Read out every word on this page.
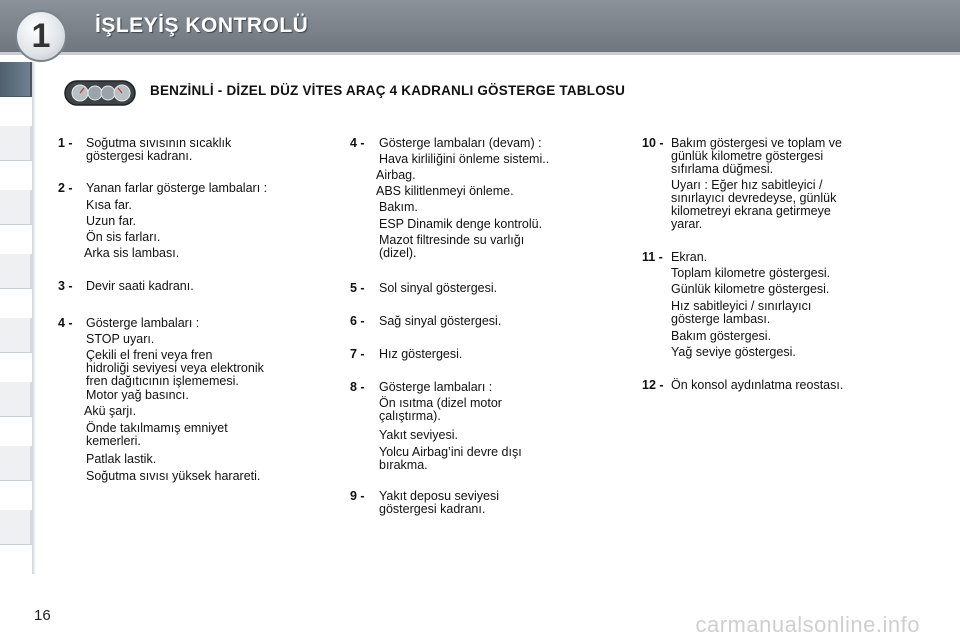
1	İŞLEYİŞ KONTROLÜ
BENZİNLİ - DİZEL DÜZ VİTES ARAÇ 4 KADRANLI GÖSTERGE TABLOSU
1 - Soğutma sıvısının sıcaklık
göstergesi kadranı.
2 - Yanan farlar gösterge lambaları :
Kısa far.
Uzun far.
Ön sis farları.
Arka sis lambası.
3 - Devir saati kadranı.
4 - Gösterge lambaları :
STOP uyarı.
Çekili el freni veya fren
hidroliği seviyesi veya elektronik
fren dağıtıcının işlememesi.
Motor yağ basıncı.
Akü şarjı.
Önde takılmamış emniyet
kemerleri.
Patlak lastik.
Soğutma sıvısı yüksek harareti.
4 - Gösterge lambaları (devam) :
Hava kirliliğini önleme sistemi..
Airbag.
ABS kilitlenmeyi önleme.
Bakım.
ESP Dinamik denge kontrolü.
Mazot filtresinde su varlığı
(dizel).
5 - Sol sinyal göstergesi.
6 - Sağ sinyal göstergesi.
7 - Hız göstergesi.
8 - Gösterge lambaları :
Ön ısıtma (dizel motor
çalıştırma).
Yakıt seviyesi.
Yolcu Airbag’ini devre dışı
bırakma.
9 - Yakıt deposu seviyesi
göstergesi kadranı.
10 - Bakım göstergesi ve toplam ve
günlük kilometre göstergesi
sıfırlama düğmesi.
Uyarı : Eğer hız sabitleyici /
sınırlayıcı devredeyse, günlük
kilometreyi ekrana getirmeye
yarar.
11 - Ekran.
Toplam kilometre göstergesi.
Günlük kilometre göstergesi.
Hız sabitleyici / sınırlayıcı
gösterge lambası.
Bakım göstergesi.
Yağ seviye göstergesi.
12 - Ön konsol aydınlatma reostası.
16	carmanualsonline.info
